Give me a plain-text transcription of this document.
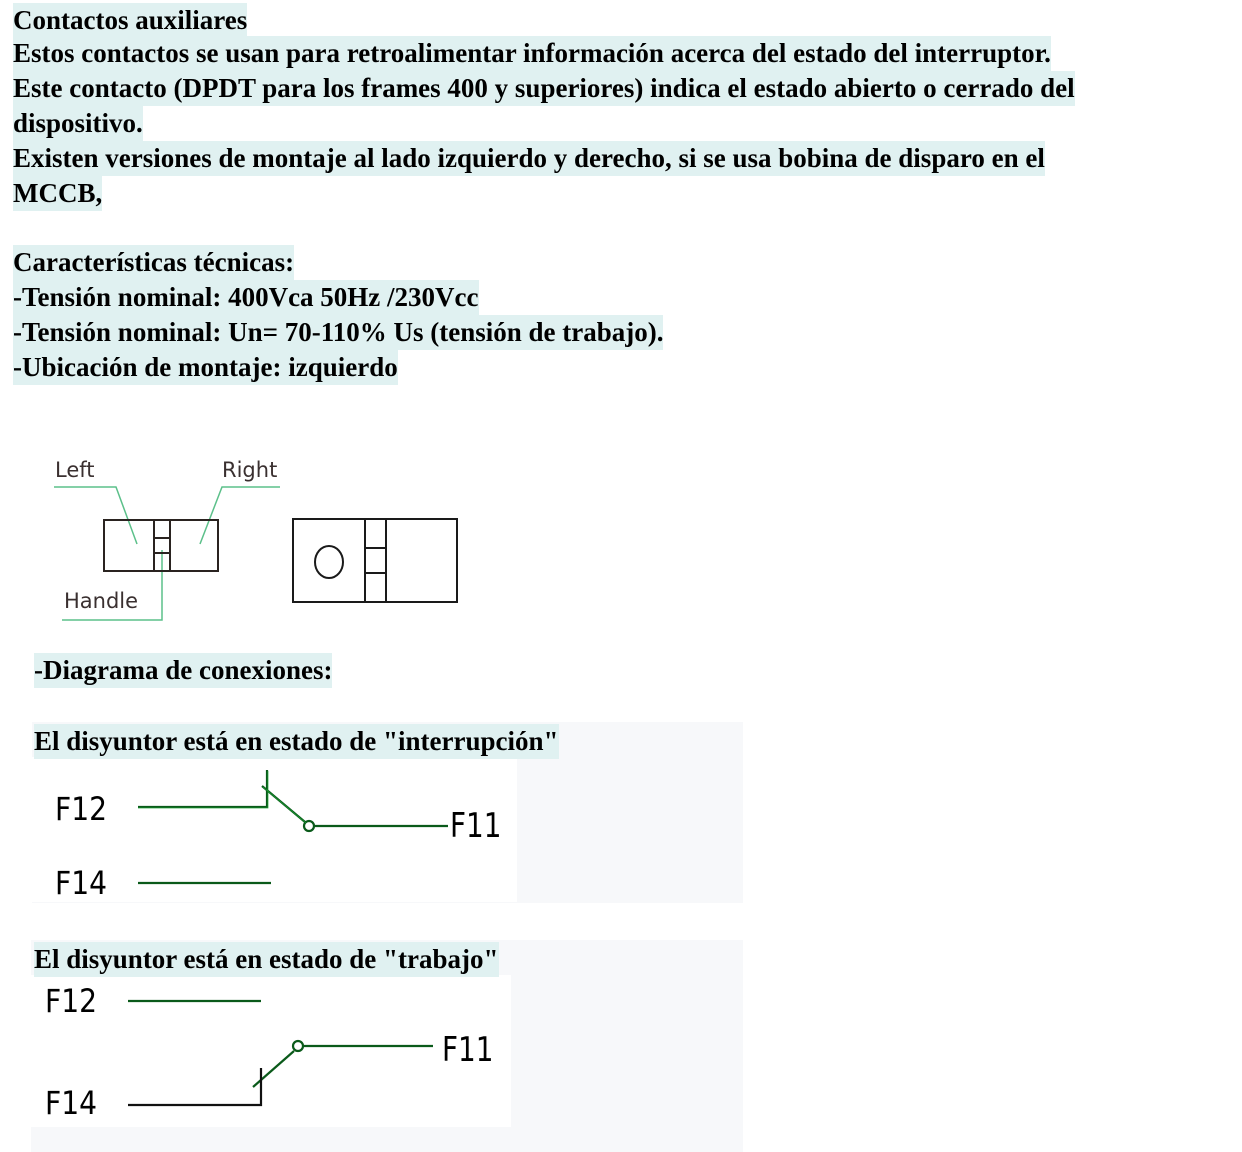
Contactos auxiliares
Estos contactos se usan para retroalimentar información acerca del estado del interruptor.
Este contacto (DPDT para los frames 400 y superiores) indica el estado abierto o cerrado del
dispositivo.
Existen versiones de montaje al lado izquierdo y derecho, si se usa bobina de disparo en el
MCCB,
Características técnicas:
-Tensión nominal: 400Vca 50Hz /230Vcc
-Tensión nominal: Un= 70-110% Us (tensión de trabajo).
-Ubicación de montaje: izquierdo
Left	Right
Handle
-Diagrama de conexiones:
El disyuntor está en estado de "interrupción"
F12	F11
F14
El disyuntor está en estado de "trabajo"
F12
F11
F14
